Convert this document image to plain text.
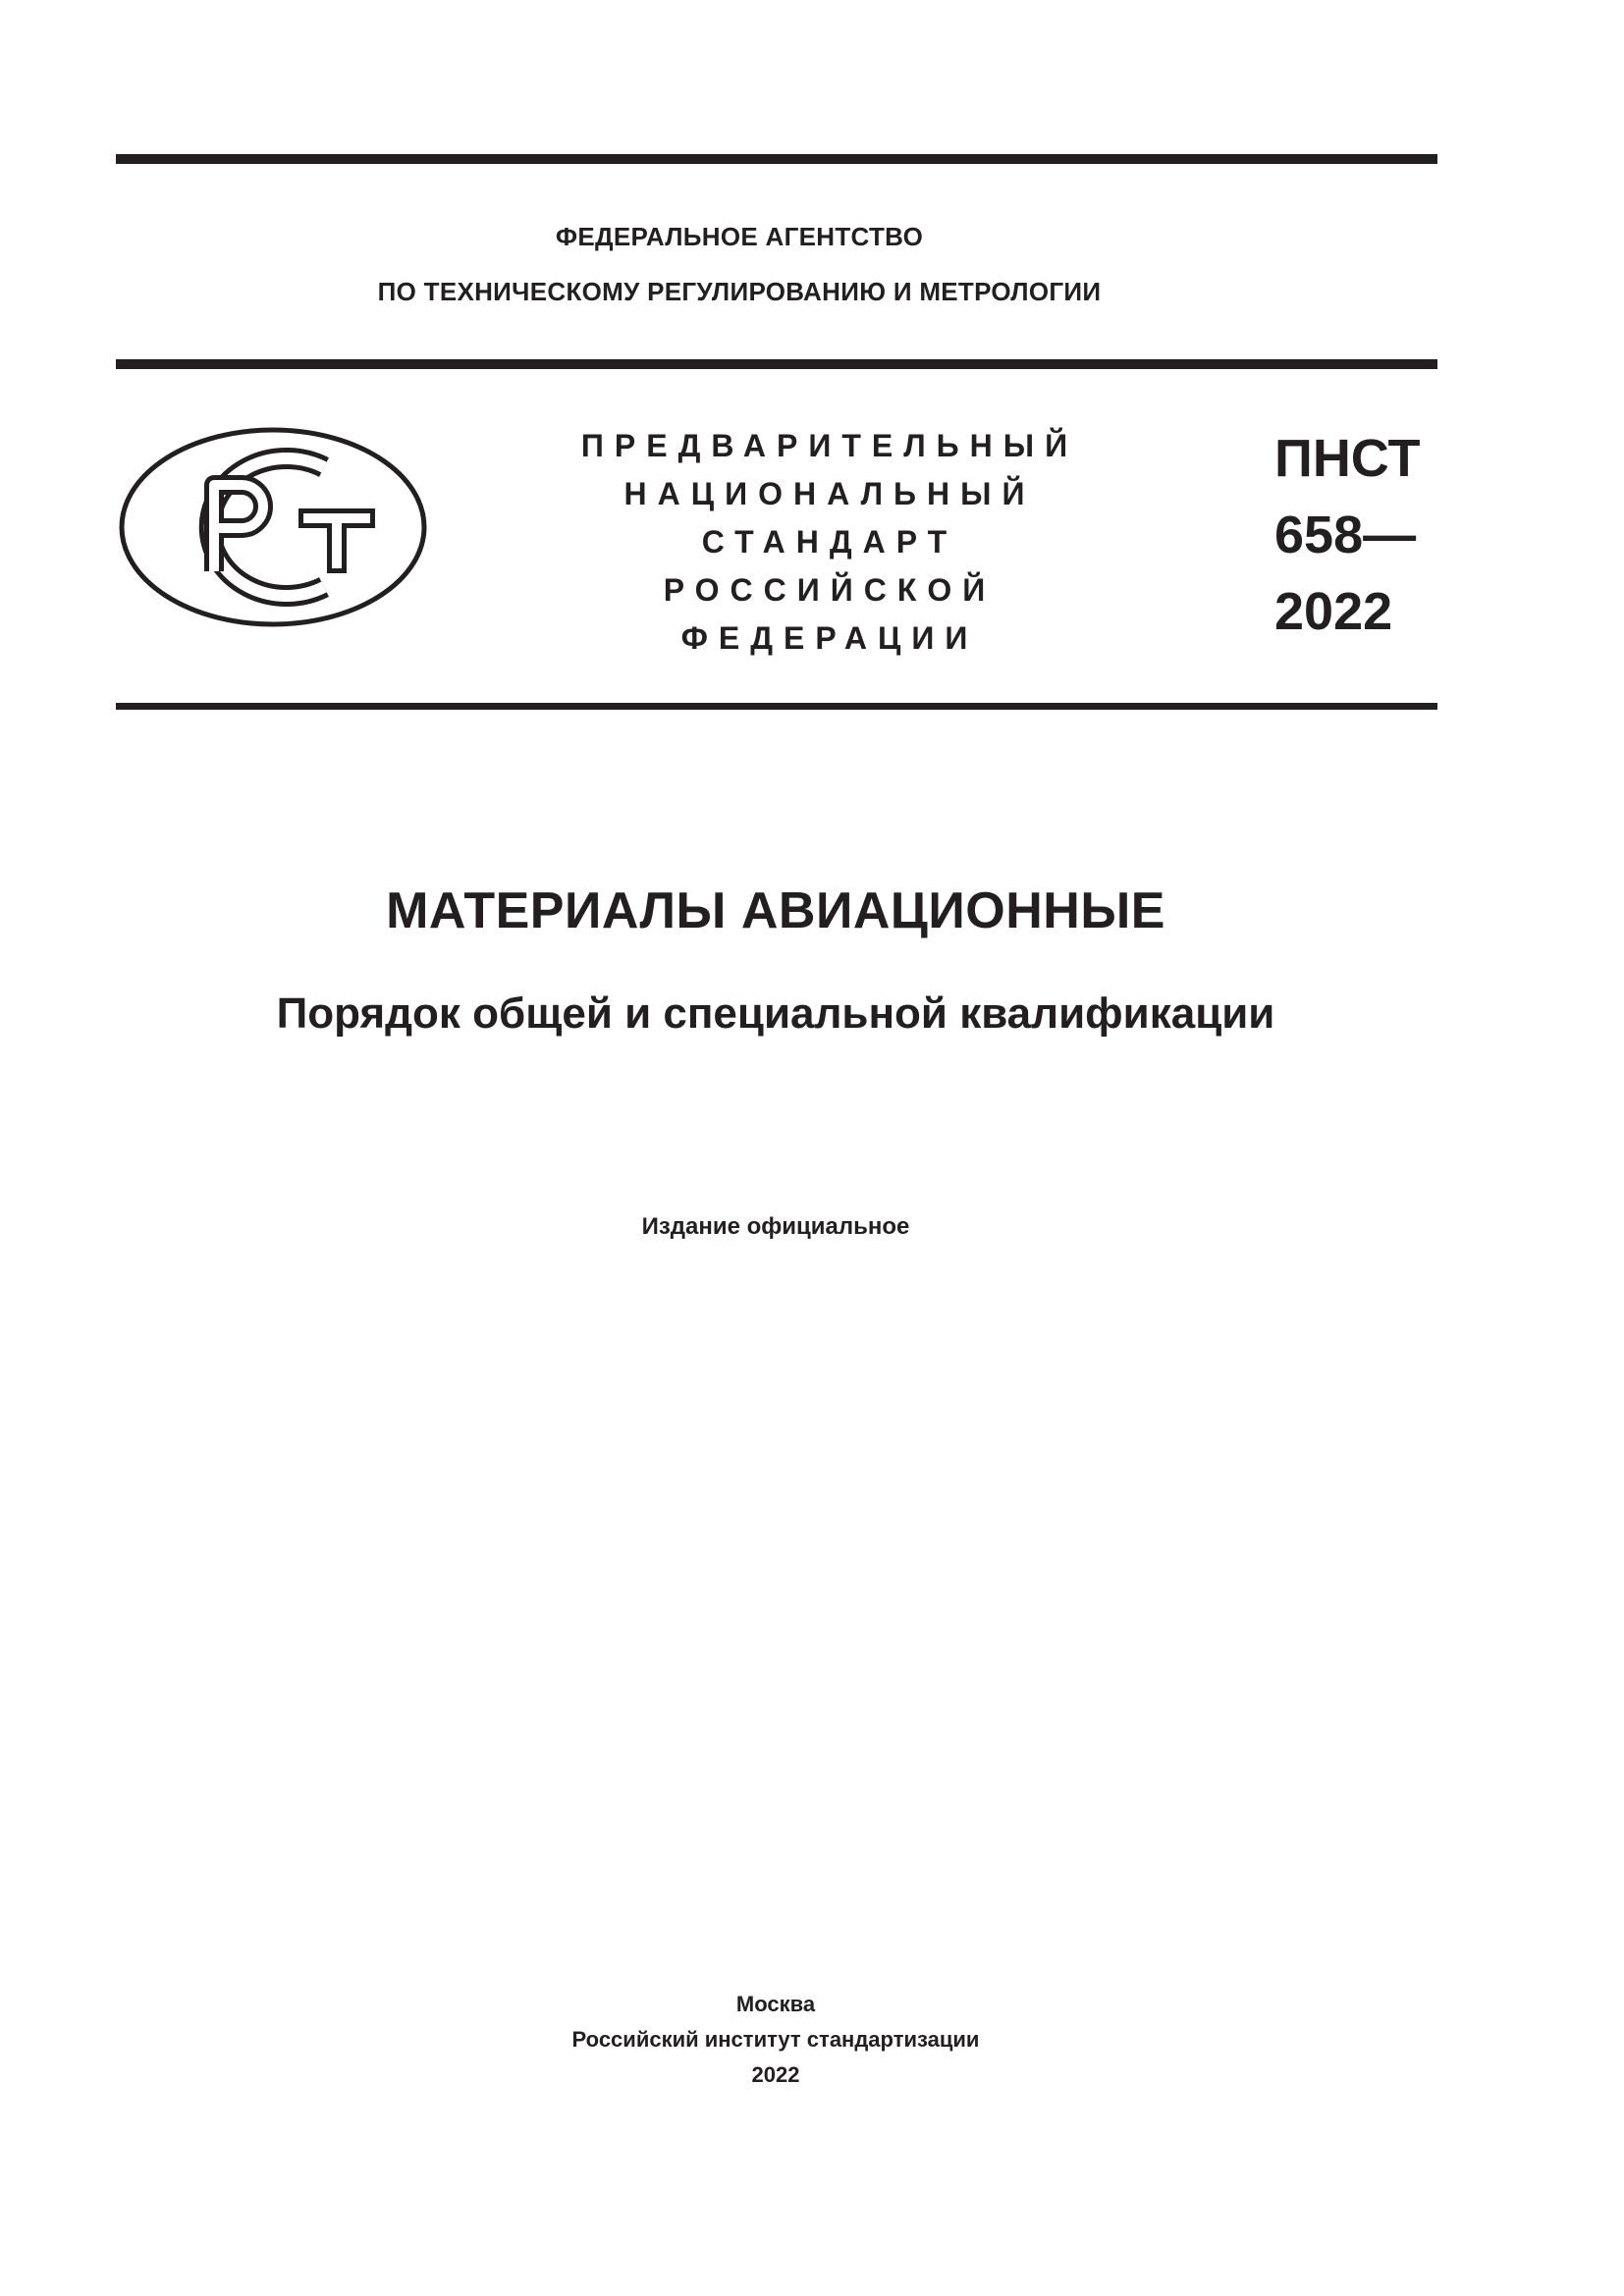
ФЕДЕРАЛЬНОЕ АГЕНТСТВО
ПО ТЕХНИЧЕСКОМУ РЕГУЛИРОВАНИЮ И МЕТРОЛОГИИ
ПРЕДВАРИТЕЛЬНЫЙ
НАЦИОНАЛЬНЫЙ
СТАНДАРТ
РОССИЙСКОЙ
ФЕДЕРАЦИИ
ПНСТ
658—
2022
МАТЕРИАЛЫ АВИАЦИОННЫЕ
Порядок общей и специальной квалификации
Издание официальное
Москва
Российский институт стандартизации
2022
